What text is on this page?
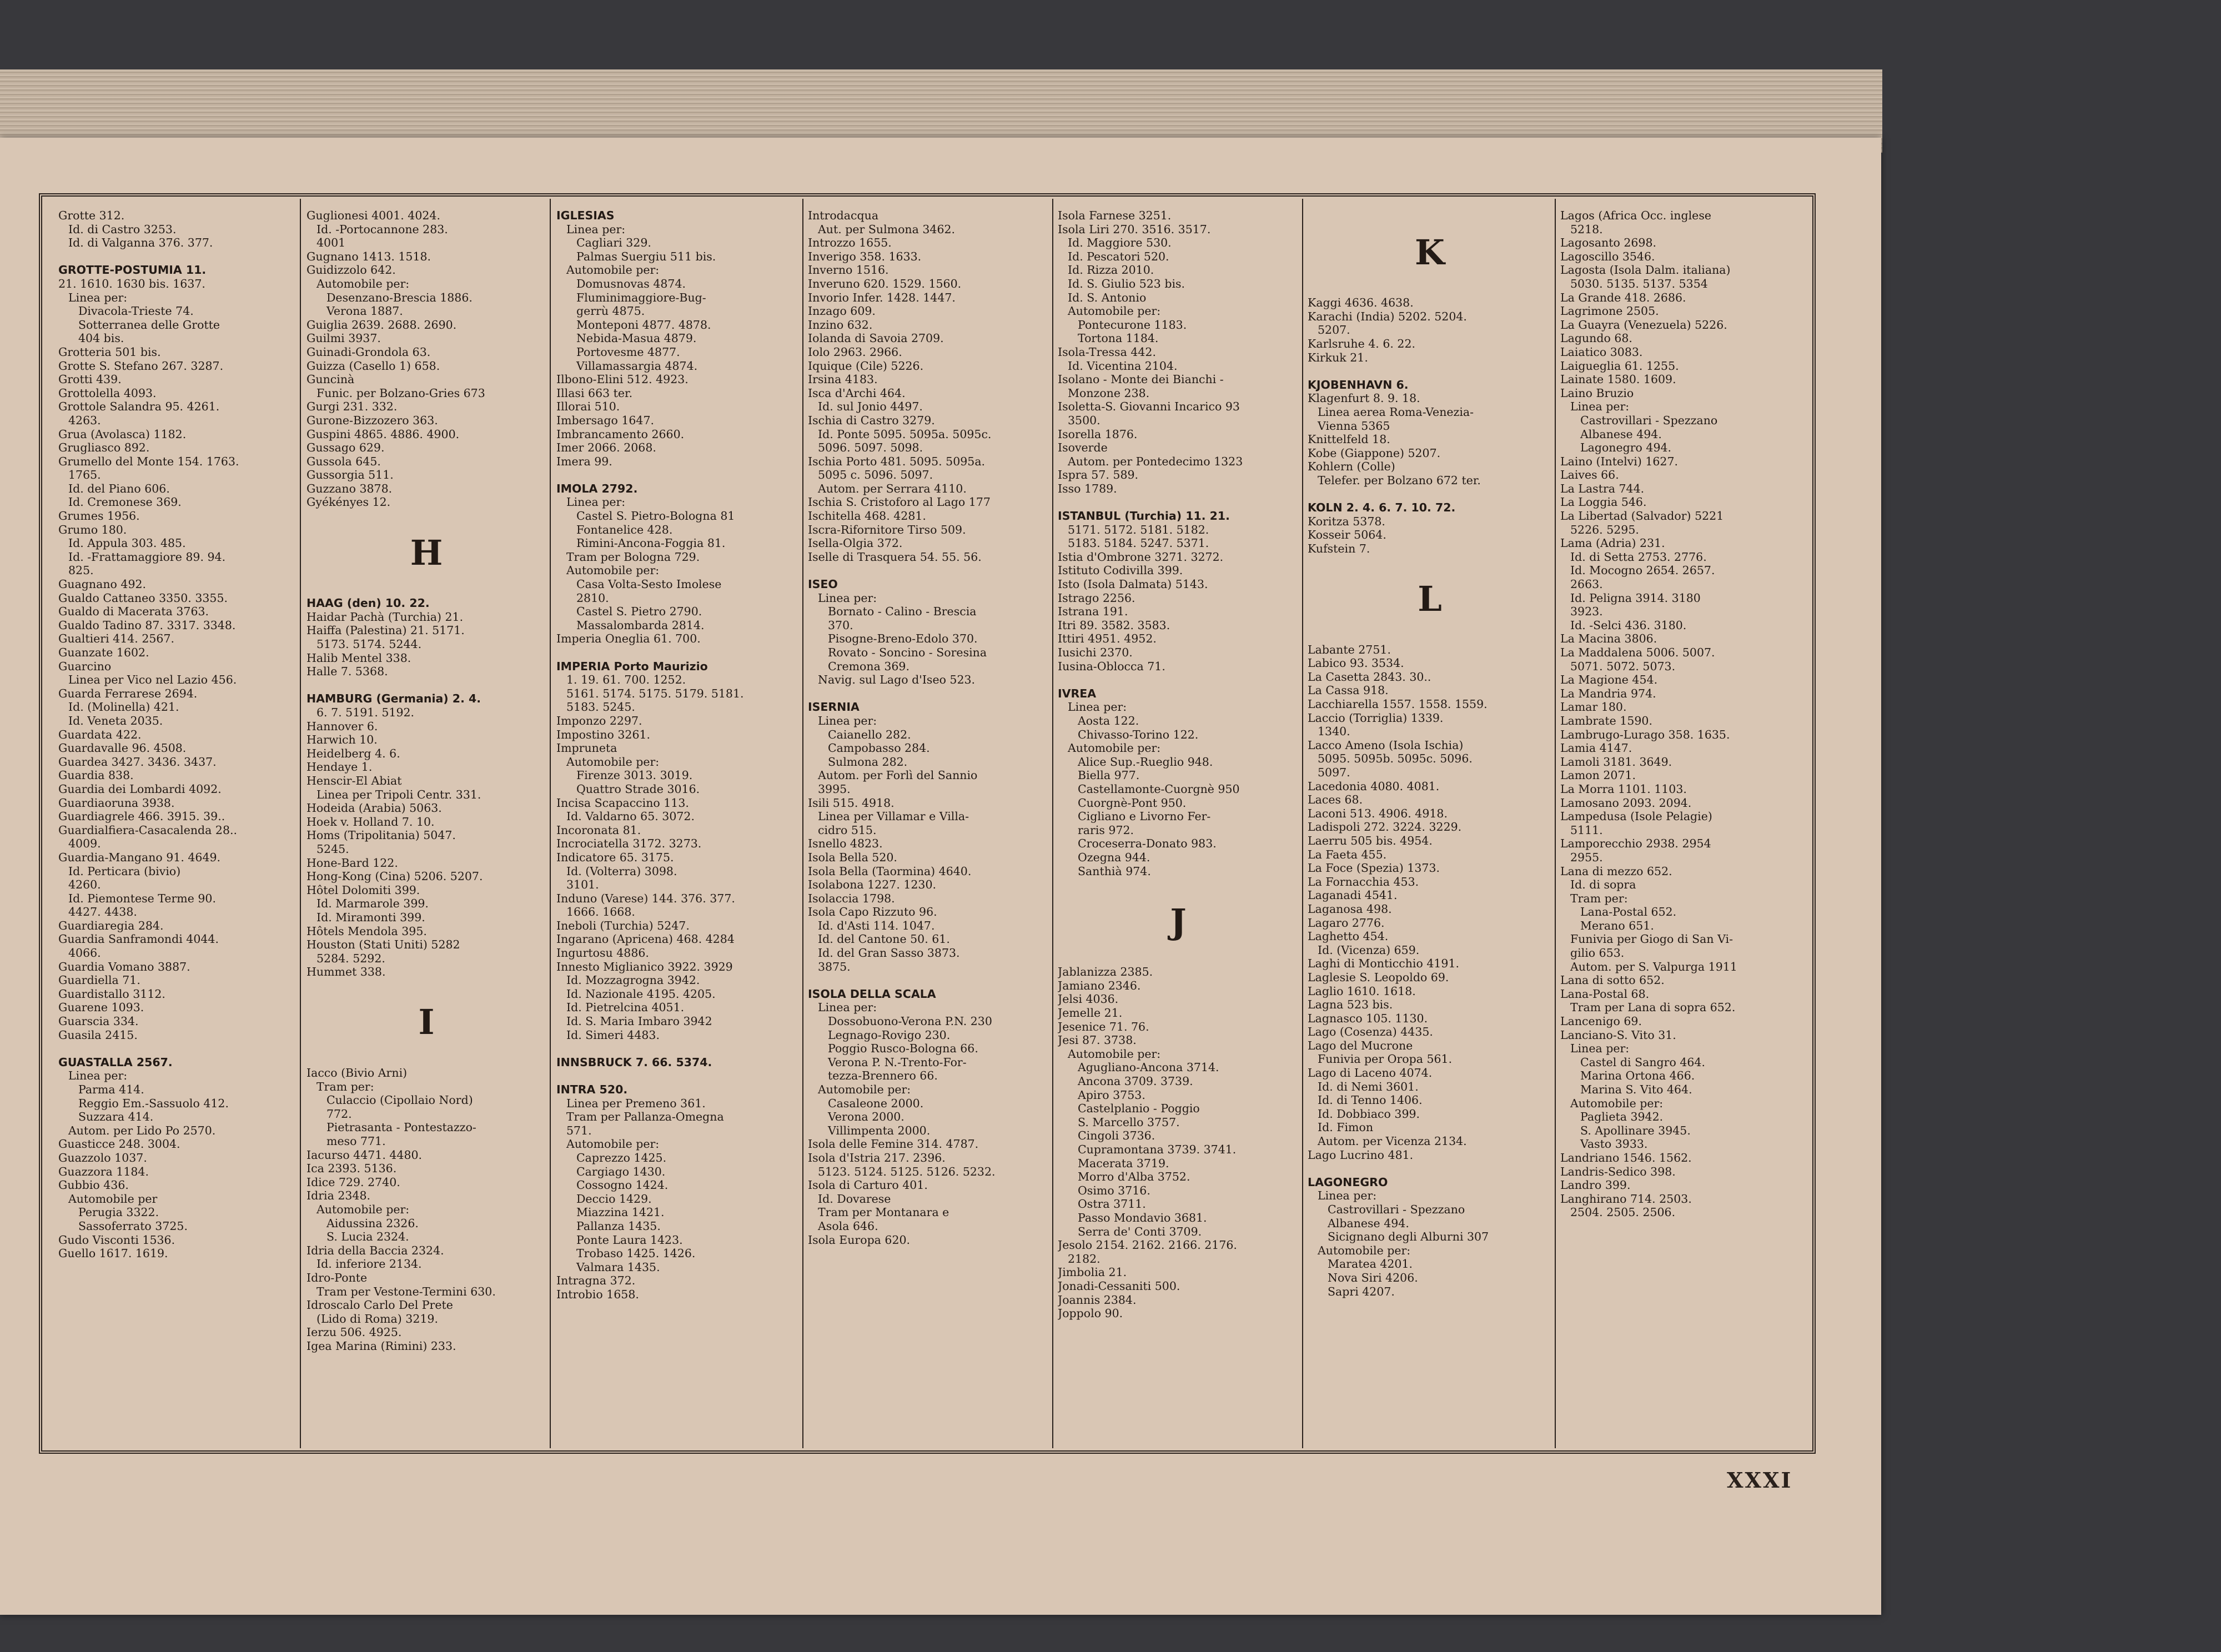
Grotte 312.
Id. di Castro 3253.
Id. di Valganna 376. 377.

GROTTE-POSTUMIA 11.
21. 1610. 1630 bis. 1637.
Linea per:
Divacola-Trieste 74.
Sotterranea delle Grotte
404 bis.
Grotteria 501 bis.
Grotte S. Stefano 267. 3287.
Grotti 439.
Grottolella 4093.
Grottole Salandra 95. 4261.
4263.
Grua (Avolasca) 1182.
Grugliasco 892.
Grumello del Monte 154. 1763.
1765.
Id. del Piano 606.
Id. Cremonese 369.
Grumes 1956.
Grumo 180.
Id. Appula 303. 485.
Id. -Frattamaggiore 89. 94.
825.
Guagnano 492.
Gualdo Cattaneo 3350. 3355.
Gualdo di Macerata 3763.
Gualdo Tadino 87. 3317. 3348.
Gualtieri 414. 2567.
Guanzate 1602.
Guarcino
Linea per Vico nel Lazio 456.
Guarda Ferrarese 2694.
Id. (Molinella) 421.
Id. Veneta 2035.
Guardata 422.
Guardavalle 96. 4508.
Guardea 3427. 3436. 3437.
Guardia 838.
Guardia dei Lombardi 4092.
Guardiaoruna 3938.
Guardiagrele 466. 3915. 39..
Guardialfiera-Casacalenda 28..
4009.
Guardia-Mangano 91. 4649.
Id. Perticara (bivio)
4260.
Id. Piemontese Terme 90.
4427. 4438.
Guardiaregia 284.
Guardia Sanframondi 4044.
4066.
Guardia Vomano 3887.
Guardiella 71.
Guardistallo 3112.
Guarene 1093.
Guarscia 334.
Guasila 2415.

GUASTALLA 2567.
Linea per:
Parma 414.
Reggio Em.-Sassuolo 412.
Suzzara 414.
Autom. per Lido Po 2570.
Guasticce 248. 3004.
Guazzolo 1037.
Guazzora 1184.
Gubbio 436.
Automobile per
Perugia 3322.
Sassoferrato 3725.
Gudo Visconti 1536.
Guello 1617. 1619.
Guglionesi 4001. 4024.
Id. -Portocannone 283.
4001
Gugnano 1413. 1518.
Guidizzolo 642.
Automobile per:
Desenzano-Brescia 1886.
Verona 1887.
Guiglia 2639. 2688. 2690.
Guilmi 3937.
Guinadi-Grondola 63.
Guizza (Casello 1) 658.
Guncinà
Funic. per Bolzano-Gries 673
Gurgi 231. 332.
Gurone-Bizzozero 363.
Guspini 4865. 4886. 4900.
Gussago 629.
Gussola 645.
Gussorgia 511.
Guzzano 3878.
Gyékényes 12.

H

HAAG (den) 10. 22.
Haidar Pachà (Turchia) 21.
Haiffa (Palestina) 21. 5171.
5173. 5174. 5244.
Halib Mentel 338.
Halle 7. 5368.

HAMBURG (Germania) 2. 4.
6. 7. 5191. 5192.
Hannover 6.
Harwich 10.
Heidelberg 4. 6.
Hendaye 1.
Henscir-El Abiat
Linea per Tripoli Centr. 331.
Hodeida (Arabia) 5063.
Hoek v. Holland 7. 10.
Homs (Tripolitania) 5047.
5245.
Hone-Bard 122.
Hong-Kong (Cina) 5206. 5207.
Hôtel Dolomiti 399.
Id. Marmarole 399.
Id. Miramonti 399.
Hôtels Mendola 395.
Houston (Stati Uniti) 5282
5284. 5292.
Hummet 338.

I

Iacco (Bivio Arni)
Tram per:
Culaccio (Cipollaio Nord)
772.
Pietrasanta - Pontestazzo-
meso 771.
Iacurso 4471. 4480.
Ica 2393. 5136.
Idice 729. 2740.
Idria 2348.
Automobile per:
Aidussina 2326.
S. Lucia 2324.
Idria della Baccia 2324.
Id. inferiore 2134.
Idro-Ponte
Tram per Vestone-Termini 630.
Idroscalo Carlo Del Prete
(Lido di Roma) 3219.
Ierzu 506. 4925.
Igea Marina (Rimini) 233.
IGLESIAS
Linea per:
Cagliari 329.
Palmas Suergiu 511 bis.
Automobile per:
Domusnovas 4874.
Fluminimaggiore-Bug-
gerrù 4875.
Monteponi 4877. 4878.
Nebida-Masua 4879.
Portovesme 4877.
Villamassargia 4874.
Ilbono-Elini 512. 4923.
Illasi 663 ter.
Illorai 510.
Imbersago 1647.
Imbrancamento 2660.
Imer 2066. 2068.
Imera 99.

IMOLA 2792.
Linea per:
Castel S. Pietro-Bologna 81
Fontanelice 428.
Rimini-Ancona-Foggia 81.
Tram per Bologna 729.
Automobile per:
Casa Volta-Sesto Imolese
2810.
Castel S. Pietro 2790.
Massalombarda 2814.
Imperia Oneglia 61. 700.

IMPERIA Porto Maurizio
1. 19. 61. 700. 1252.
5161. 5174. 5175. 5179. 5181.
5183. 5245.
Imponzo 2297.
Impostino 3261.
Impruneta
Automobile per:
Firenze 3013. 3019.
Quattro Strade 3016.
Incisa Scapaccino 113.
Id. Valdarno 65. 3072.
Incoronata 81.
Incrociatella 3172. 3273.
Indicatore 65. 3175.
Id. (Volterra) 3098.
3101.
Induno (Varese) 144. 376. 377.
1666. 1668.
Ineboli (Turchia) 5247.
Ingarano (Apricena) 468. 4284
Ingurtosu 4886.
Innesto Miglianico 3922. 3929
Id. Mozzagrogna 3942.
Id. Nazionale 4195. 4205.
Id. Pietrelcina 4051.
Id. S. Maria Imbaro 3942
Id. Simeri 4483.

INNSBRUCK 7. 66. 5374.

INTRA 520.
Linea per Premeno 361.
Tram per Pallanza-Omegna
571.
Automobile per:
Caprezzo 1425.
Cargiago 1430.
Cossogno 1424.
Deccio 1429.
Miazzina 1421.
Pallanza 1435.
Ponte Laura 1423.
Trobaso 1425. 1426.
Valmara 1435.
Intragna 372.
Introbio 1658.
Introdacqua
Aut. per Sulmona 3462.
Introzzo 1655.
Inverigo 358. 1633.
Inverno 1516.
Inveruno 620. 1529. 1560.
Invorio Infer. 1428. 1447.
Inzago 609.
Inzino 632.
Iolanda di Savoia 2709.
Iolo 2963. 2966.
Iquique (Cile) 5226.
Irsina 4183.
Isca d'Archi 464.
Id. sul Jonio 4497.
Ischia di Castro 3279.
Id. Ponte 5095. 5095a. 5095c.
5096. 5097. 5098.
Ischia Porto 481. 5095. 5095a.
5095 c. 5096. 5097.
Autom. per Serrara 4110.
Ischia S. Cristoforo al Lago 177
Ischitella 468. 4281.
Iscra-Rifornitore Tirso 509.
Isella-Olgia 372.
Iselle di Trasquera 54. 55. 56.

ISEO
Linea per:
Bornato - Calino - Brescia
370.
Pisogne-Breno-Edolo 370.
Rovato - Soncino - Soresina
Cremona 369.
Navig. sul Lago d'Iseo 523.

ISERNIA
Linea per:
Caianello 282.
Campobasso 284.
Sulmona 282.
Autom. per Forlì del Sannio
3995.
Isili 515. 4918.
Linea per Villamar e Villa-
cidro 515.
Isnello 4823.
Isola Bella 520.
Isola Bella (Taormina) 4640.
Isolabona 1227. 1230.
Isolaccia 1798.
Isola Capo Rizzuto 96.
Id. d'Asti 114. 1047.
Id. del Cantone 50. 61.
Id. del Gran Sasso 3873.
3875.

ISOLA DELLA SCALA
Linea per:
Dossobuono-Verona P.N. 230
Legnago-Rovigo 230.
Poggio Rusco-Bologna 66.
Verona P. N.-Trento-For-
tezza-Brennero 66.
Automobile per:
Casaleone 2000.
Verona 2000.
Villimpenta 2000.
Isola delle Femine 314. 4787.
Isola d'Istria 217. 2396.
5123. 5124. 5125. 5126. 5232.
Isola di Carturo 401.
Id. Dovarese
Tram per Montanara e
Asola 646.
Isola Europa 620.
Isola Farnese 3251.
Isola Liri 270. 3516. 3517.
Id. Maggiore 530.
Id. Pescatori 520.
Id. Rizza 2010.
Id. S. Giulio 523 bis.
Id. S. Antonio
Automobile per:
Pontecurone 1183.
Tortona 1184.
Isola-Tressa 442.
Id. Vicentina 2104.
Isolano - Monte dei Bianchi -
Monzone 238.
Isoletta-S. Giovanni Incarico 93
3500.
Isorella 1876.
Isoverde
Autom. per Pontedecimo 1323
Ispra 57. 589.
Isso 1789.

ISTANBUL (Turchia) 11. 21.
5171. 5172. 5181. 5182.
5183. 5184. 5247. 5371.
Istia d'Ombrone 3271. 3272.
Istituto Codivilla 399.
Isto (Isola Dalmata) 5143.
Istrago 2256.
Istrana 191.
Itri 89. 3582. 3583.
Ittiri 4951. 4952.
Iusichi 2370.
Iusina-Oblocca 71.

IVREA
Linea per:
Aosta 122.
Chivasso-Torino 122.
Automobile per:
Alice Sup.-Rueglio 948.
Biella 977.
Castellamonte-Cuorgnè 950
Cuorgnè-Pont 950.
Cigliano e Livorno Fer-
raris 972.
Croceserra-Donato 983.
Ozegna 944.
Santhià 974.

J

Jablanizza 2385.
Jamiano 2346.
Jelsi 4036.
Jemelle 21.
Jesenice 71. 76.
Jesi 87. 3738.
Automobile per:
Agugliano-Ancona 3714.
Ancona 3709. 3739.
Apiro 3753.
Castelplanio - Poggio
S. Marcello 3757.
Cingoli 3736.
Cupramontana 3739. 3741.
Macerata 3719.
Morro d'Alba 3752.
Osimo 3716.
Ostra 3711.
Passo Mondavio 3681.
Serra de' Conti 3709.
Jesolo 2154. 2162. 2166. 2176.
2182.
Jimbolia 21.
Jonadi-Cessaniti 500.
Joannis 2384.
Joppolo 90.

K

Kaggi 4636. 4638.
Karachi (India) 5202. 5204.
5207.
Karlsruhe 4. 6. 22.
Kirkuk 21.

KJOBENHAVN 6.
Klagenfurt 8. 9. 18.
Linea aerea Roma-Venezia-
Vienna 5365
Knittelfeld 18.
Kobe (Giappone) 5207.
Kohlern (Colle)
Telefer. per Bolzano 672 ter.

KOLN 2. 4. 6. 7. 10. 72.
Koritza 5378.
Kosseir 5064.
Kufstein 7.

L

Labante 2751.
Labico 93. 3534.
La Casetta 2843. 30..
La Cassa 918.
Lacchiarella 1557. 1558. 1559.
Laccio (Torriglia) 1339.
1340.
Lacco Ameno (Isola Ischia)
5095. 5095b. 5095c. 5096.
5097.
Lacedonia 4080. 4081.
Laces 68.
Laconi 513. 4906. 4918.
Ladispoli 272. 3224. 3229.
Laerru 505 bis. 4954.
La Faeta 455.
La Foce (Spezia) 1373.
La Fornacchia 453.
Laganadi 4541.
Laganosa 498.
Lagaro 2776.
Laghetto 454.
Id. (Vicenza) 659.
Laghi di Monticchio 4191.
Laglesie S. Leopoldo 69.
Laglio 1610. 1618.
Lagna 523 bis.
Lagnasco 105. 1130.
Lago (Cosenza) 4435.
Lago del Mucrone
Funivia per Oropa 561.
Lago di Laceno 4074.
Id. di Nemi 3601.
Id. di Tenno 1406.
Id. Dobbiaco 399.
Id. Fimon
Autom. per Vicenza 2134.
Lago Lucrino 481.

LAGONEGRO
Linea per:
Castrovillari - Spezzano
Albanese 494.
Sicignano degli Alburni 307
Automobile per:
Maratea 4201.
Nova Siri 4206.
Sapri 4207.
Lagos (Africa Occ. inglese
5218.
Lagosanto 2698.
Lagoscillo 3546.
Lagosta (Isola Dalm. italiana)
5030. 5135. 5137. 5354
La Grande 418. 2686.
Lagrimone 2505.
La Guayra (Venezuela) 5226.
Lagundo 68.
Laiatico 3083.
Laigueglia 61. 1255.
Lainate 1580. 1609.
Laino Bruzio
Linea per:
Castrovillari - Spezzano
Albanese 494.
Lagonegro 494.
Laino (Intelvi) 1627.
Laives 66.
La Lastra 744.
La Loggia 546.
La Libertad (Salvador) 5221
5226. 5295.
Lama (Adria) 231.
Id. di Setta 2753. 2776.
Id. Mocogno 2654. 2657.
2663.
Id. Peligna 3914. 3180
3923.
Id. -Selci 436. 3180.
La Macina 3806.
La Maddalena 5006. 5007.
5071. 5072. 5073.
La Magione 454.
La Mandria 974.
Lamar 180.
Lambrate 1590.
Lambrugo-Lurago 358. 1635.
Lamia 4147.
Lamoli 3181. 3649.
Lamon 2071.
La Morra 1101. 1103.
Lamosano 2093. 2094.
Lampedusa (Isole Pelagie)
5111.
Lamporecchio 2938. 2954
2955.
Lana di mezzo 652.
Id. di sopra
Tram per:
Lana-Postal 652.
Merano 651.
Funivia per Giogo di San Vi-
gilio 653.
Autom. per S. Valpurga 1911
Lana di sotto 652.
Lana-Postal 68.
Tram per Lana di sopra 652.
Lancenigo 69.
Lanciano-S. Vito 31.
Linea per:
Castel di Sangro 464.
Marina Ortona 466.
Marina S. Vito 464.
Automobile per:
Paglieta 3942.
S. Apollinare 3945.
Vasto 3933.
Landriano 1546. 1562.
Landris-Sedico 398.
Landro 399.
Langhirano 714. 2503.
2504. 2505. 2506.
XXXI
